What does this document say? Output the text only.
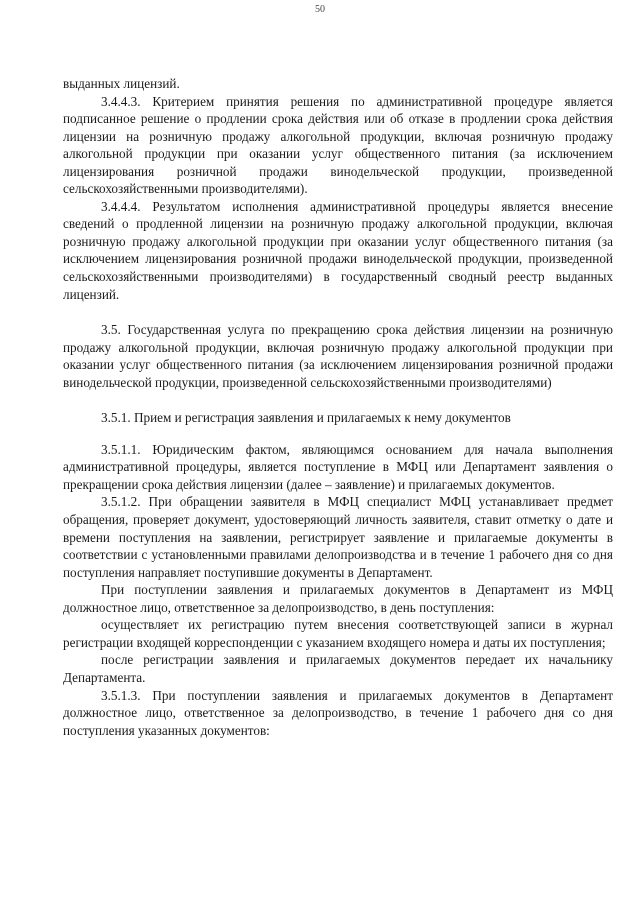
50

выданных лицензий.

3.4.4.3. Критерием принятия решения по административной процедуре является подписанное решение о продлении срока действия или об отказе в продлении срока действия лицензии на розничную продажу алкогольной продукции, включая розничную продажу алкогольной продукции при оказании услуг общественного питания (за исключением лицензирования розничной продажи винодельческой продукции, произведенной сельскохозяйственными производителями).

3.4.4.4. Результатом исполнения административной процедуры является внесение сведений о продленной лицензии на розничную продажу алкогольной продукции, включая розничную продажу алкогольной продукции при оказании услуг общественного питания (за исключением лицензирования розничной продажи винодельческой продукции, произведенной сельскохозяйственными производителями) в государственный сводный реестр выданных лицензий.

3.5. Государственная услуга по прекращению срока действия лицензии на розничную продажу алкогольной продукции, включая розничную продажу алкогольной продукции при оказании услуг общественного питания (за исключением лицензирования розничной продажи винодельческой продукции, произведенной сельскохозяйственными производителями)

3.5.1. Прием и регистрация заявления и прилагаемых к нему документов

3.5.1.1. Юридическим фактом, являющимся основанием для начала выполнения административной процедуры, является поступление в МФЦ или Департамент заявления о прекращении срока действия лицензии (далее – заявление) и прилагаемых документов.

3.5.1.2. При обращении заявителя в МФЦ специалист МФЦ устанавливает предмет обращения, проверяет документ, удостоверяющий личность заявителя, ставит отметку о дате и времени поступления на заявлении, регистрирует заявление и прилагаемые документы в соответствии с установленными правилами делопроизводства и в течение 1 рабочего дня со дня поступления направляет поступившие документы в Департамент.

При поступлении заявления и прилагаемых документов в Департамент из МФЦ должностное лицо, ответственное за делопроизводство, в день поступления:

осуществляет их регистрацию путем внесения соответствующей записи в журнал регистрации входящей корреспонденции с указанием входящего номера и даты их поступления;

после регистрации заявления и прилагаемых документов передает их начальнику Департамента.

3.5.1.3. При поступлении заявления и прилагаемых документов в Департамент должностное лицо, ответственное за делопроизводство, в течение 1 рабочего дня со дня поступления указанных документов:
